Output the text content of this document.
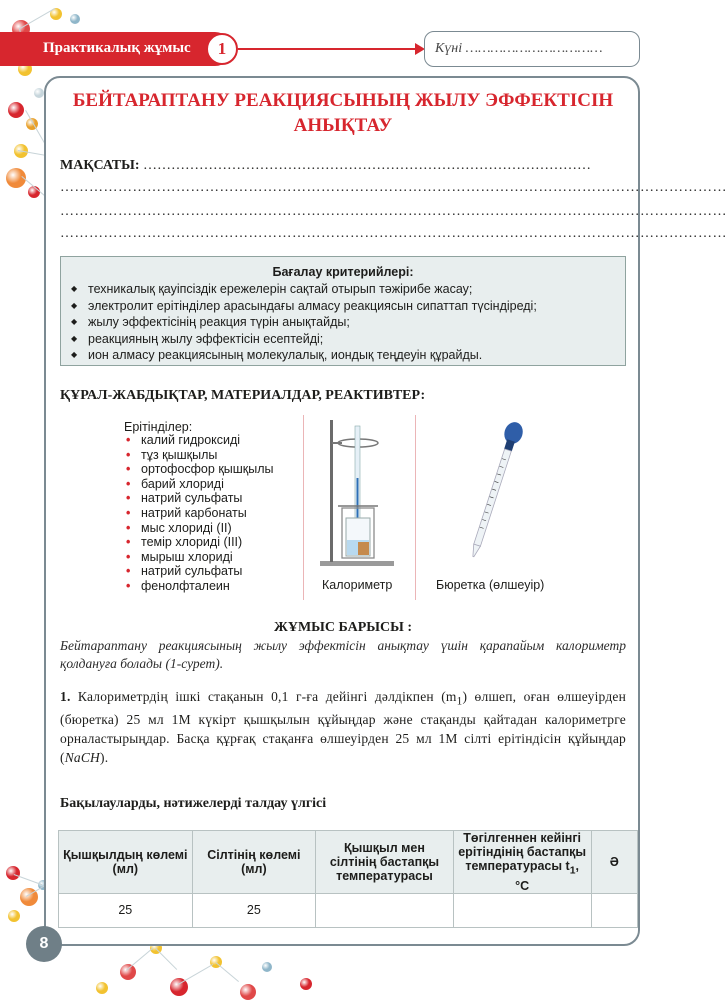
Практикалық жұмыс	1	Күні ……………………………
БЕЙТАРАПТАНУ РЕАКЦИЯСЫНЫҢ ЖЫЛУ ЭФФЕКТІСІН АНЫҚТАУ
МАҚСАТЫ: ……………………………………………………………………………………
…………………………………………………………………………………………………………………………
…………………………………………………………………………………………………………………………
…………………………………………………………………………………………………………………………
Бағалау критерийлері:
◆ техникалық қауіпсіздік ережелерін сақтай отырып тәжірибе жасау;
◆ электролит ерітінділер арасындағы алмасу реакциясын сипаттап түсіндіреді;
◆ жылу эффектісінің реакция түрін анықтайды;
◆ реакцияның жылу эффектісін есептейді;
◆ ион алмасу реакциясының молекулалық, иондық теңдеуін құрайды.
ҚҰРАЛ-ЖАБДЫҚТАР, МАТЕРИАЛДАР, РЕАКТИВТЕР:
Ерітінділер:
• калий гидроксиді
• тұз қышқылы
• ортофосфор қышқылы
• барий хлориді
• натрий сульфаты
• натрий карбонаты
• мыс хлориді (II)
• темір хлориді (III)
• мырыш хлориді
• натрий сульфаты
• фенолфталеин	Калориметр	Бюретка (өлшеуір)
ЖҰМЫС БАРЫСЫ :
Бейтараптану реакциясының жылу эффектісін анықтау үшін қарапайым калориметр қолдануға болады (1-сурет).
1. Калориметрдің ішкі стақанын 0,1 г-ға дейінгі дәлдікпен $(m_1)$ өлшеп, оған өлшеуірден (бюретка) 25 мл 1М күкірт қышқылын құйыңдар және стақанды қайтадан калориметрге орналастырыңдар. Басқа құрғақ стақанға өлшеуірден 25 мл 1М сілті ерітіндісін құйыңдар (NaCH).
Бақылауларды, нәтижелерді талдау үлгісі
Қышқылдың көлемі (мл)	Сілтінің көлемі (мл)	Қышқыл мен сілтінің бастапқы температурасы	Төгілгеннен кейінгі ерітіндінің бастапқы температурасы $t_1$, °С	Ә
25	25			
8
